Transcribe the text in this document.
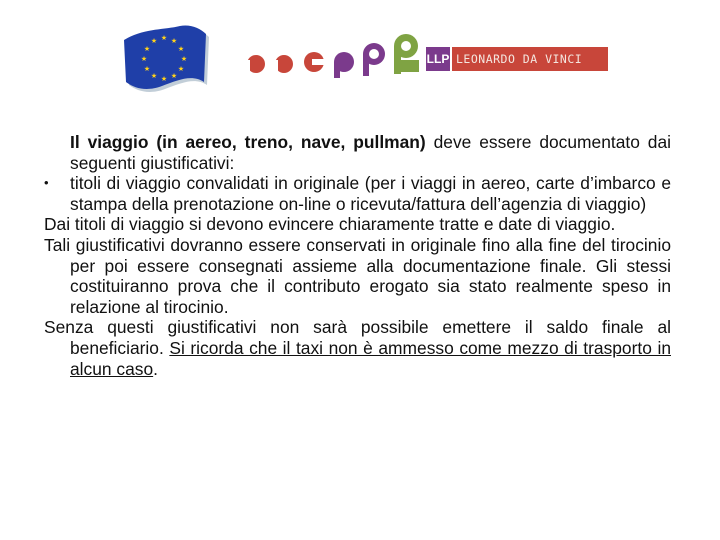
★ ★
★
★
★
★
★
★
★
★
★
★
LLP LEONARDO DA VINCI

Il viaggio (in aereo, treno, nave, pullman) deve essere documentato dai seguenti giustificativi:

• titoli di viaggio convalidati in originale (per i viaggi in aereo, carte d’imbarco e stampa della prenotazione on-line o ricevuta/fattura dell’agenzia di viaggio)

Dai titoli di viaggio si devono evincere chiaramente tratte e date di viaggio.

Tali giustificativi dovranno essere conservati in originale fino alla fine del tirocinio per poi essere consegnati assieme alla documentazione finale. Gli stessi costituiranno prova che il contributo erogato sia stato realmente speso in relazione al tirocinio.

Senza questi giustificativi non sarà possibile emettere il saldo finale al beneficiario. Si ricorda che il taxi non è ammesso come mezzo di trasporto in alcun caso.
